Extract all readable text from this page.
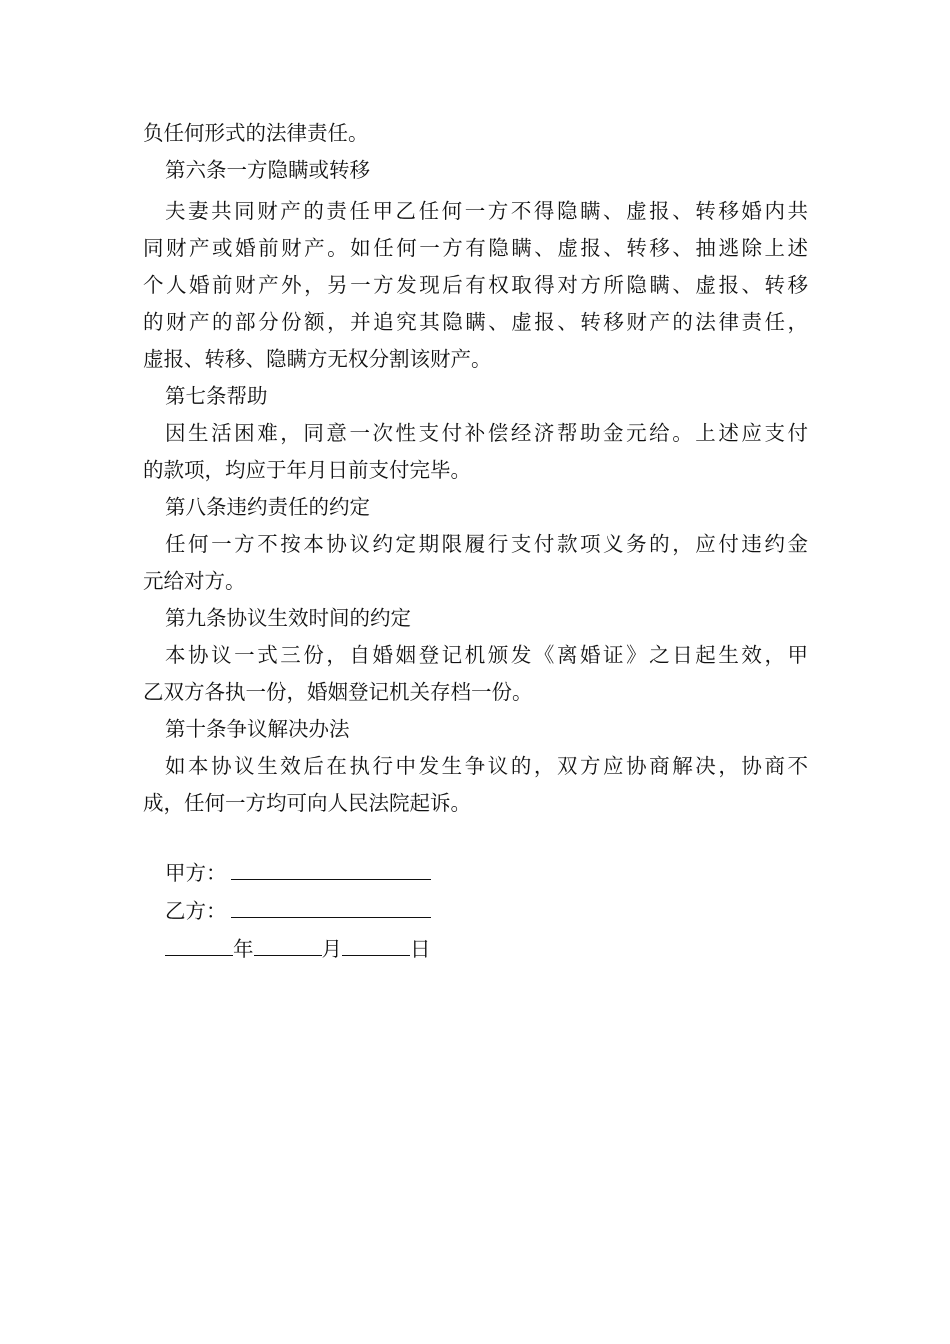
负任何形式的法律责任。
第六条一方隐瞒或转移
夫妻共同财产的责任甲乙任何一方不得隐瞒、虚报、转移婚内共
同财产或婚前财产。如任何一方有隐瞒、虚报、转移、抽逃除上述
个人婚前财产外，另一方发现后有权取得对方所隐瞒、虚报、转移
的财产的部分份额，并追究其隐瞒、虚报、转移财产的法律责任，
虚报、转移、隐瞒方无权分割该财产。
第七条帮助
因生活困难，同意一次性支付补偿经济帮助金元给。上述应支付
的款项，均应于年月日前支付完毕。
第八条违约责任的约定
任何一方不按本协议约定期限履行支付款项义务的，应付违约金
元给对方。
第九条协议生效时间的约定
本协议一式三份，自婚姻登记机颁发《离婚证》之日起生效，甲
乙双方各执一份，婚姻登记机关存档一份。
第十条争议解决办法
如本协议生效后在执行中发生争议的，双方应协商解决，协商不
成，任何一方均可向人民法院起诉。
甲方：
乙方：
年	月	日
